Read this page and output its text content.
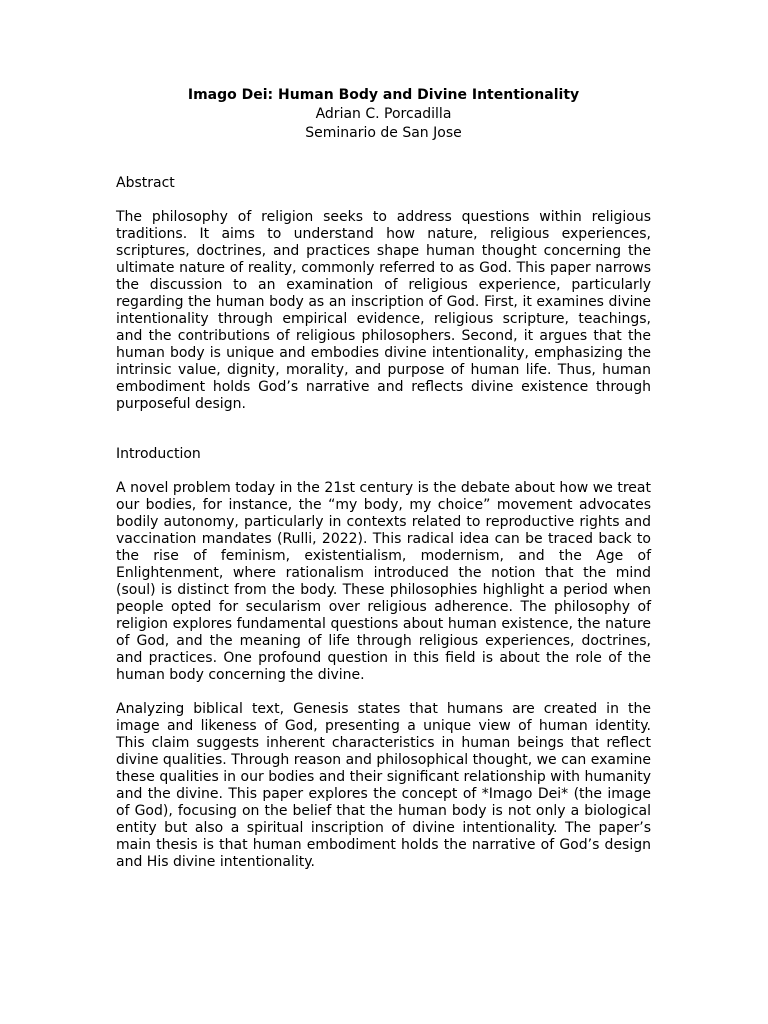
Imago Dei: Human Body and Divine Intentionality
Adrian C. Porcadilla
Seminario de San Jose
Abstract

The philosophy of religion seeks to address questions within religious traditions. It aims to understand how nature, religious experiences, scriptures, doctrines, and practices shape human thought concerning the ultimate nature of reality, commonly referred to as God. This paper narrows the discussion to an examination of religious experience, particularly regarding the human body as an inscription of God. First, it examines divine intentionality through empirical evidence, religious scripture, teachings, and the contributions of religious philosophers. Second, it argues that the human body is unique and embodies divine intentionality, emphasizing the intrinsic value, dignity, morality, and purpose of human life. Thus, human embodiment holds God’s narrative and reflects divine existence through purposeful design.

Introduction

A novel problem today in the 21st century is the debate about how we treat our bodies, for instance, the “my body, my choice” movement advocates bodily autonomy, particularly in contexts related to reproductive rights and vaccination mandates (Rulli, 2022). This radical idea can be traced back to the rise of feminism, existentialism, modernism, and the Age of Enlightenment, where rationalism introduced the notion that the mind (soul) is distinct from the body. These philosophies highlight a period when people opted for secularism over religious adherence. The philosophy of religion explores fundamental questions about human existence, the nature of God, and the meaning of life through religious experiences, doctrines, and practices. One profound question in this field is about the role of the human body concerning the divine.

Analyzing biblical text, Genesis states that humans are created in the image and likeness of God, presenting a unique view of human identity. This claim suggests inherent characteristics in human beings that reflect divine qualities. Through reason and philosophical thought, we can examine these qualities in our bodies and their significant relationship with humanity and the divine. This paper explores the concept of *Imago Dei* (the image of God), focusing on the belief that the human body is not only a biological entity but also a spiritual inscription of divine intentionality. The paper’s main thesis is that human embodiment holds the narrative of God’s design and His divine intentionality.
